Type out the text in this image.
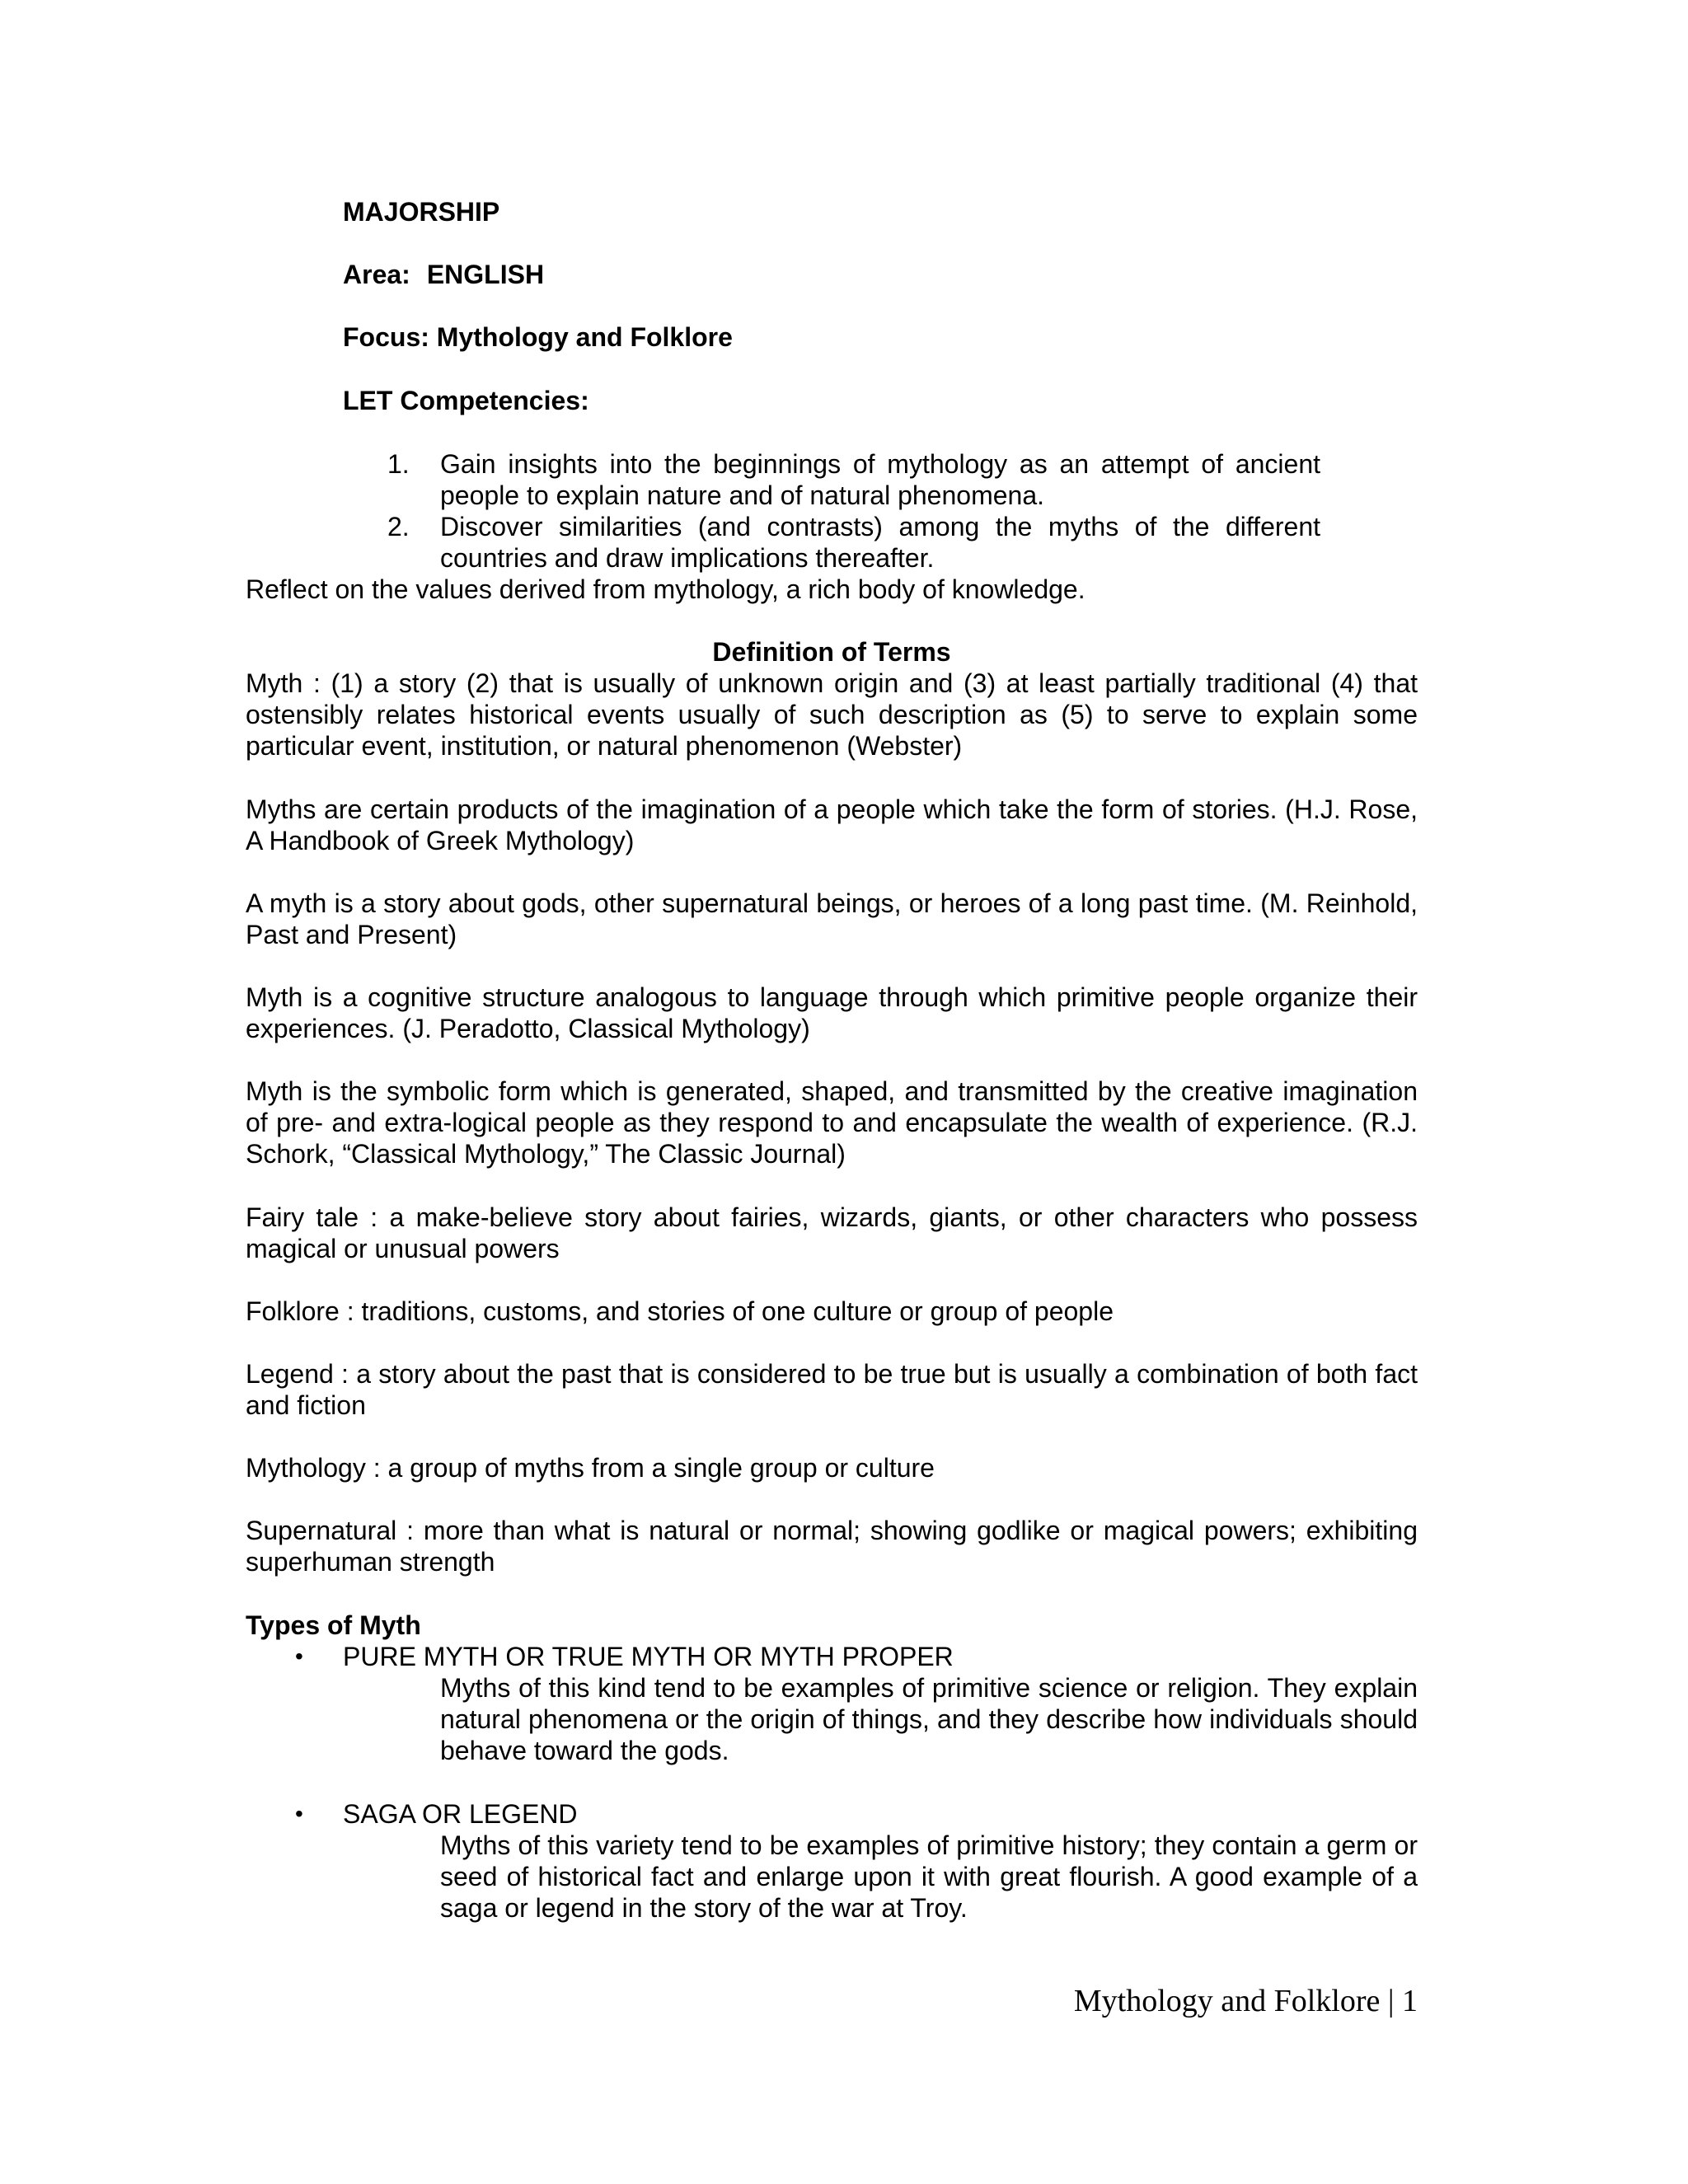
MAJORSHIP
Area: ENGLISH
Focus: Mythology and Folklore
LET Competencies:
1.	Gain insights into the beginnings of mythology as an attempt of ancient people to explain nature and of natural phenomena.
2.	Discover similarities (and contrasts) among the myths of the different countries and draw implications thereafter.
Reflect on the values derived from mythology, a rich body of knowledge.
Definition of Terms
Myth : (1) a story (2) that is usually of unknown origin and (3) at least partially traditional (4) that ostensibly relates historical events usually of such description as (5) to serve to explain some particular event, institution, or natural phenomenon (Webster)
Myths are certain products of the imagination of a people which take the form of stories. (H.J. Rose, A Handbook of Greek Mythology)
A myth is a story about gods, other supernatural beings, or heroes of a long past time. (M. Reinhold, Past and Present)
Myth is a cognitive structure analogous to language through which primitive people organize their experiences. (J. Peradotto, Classical Mythology)
Myth is the symbolic form which is generated, shaped, and transmitted by the creative imagination of pre- and extra-logical people as they respond to and encapsulate the wealth of experience. (R.J. Schork, “Classical Mythology,” The Classic Journal)
Fairy tale : a make-believe story about fairies, wizards, giants, or other characters who possess magical or unusual powers
Folklore : traditions, customs, and stories of one culture or group of people
Legend : a story about the past that is considered to be true but is usually a combination of both fact and fiction
Mythology : a group of myths from a single group or culture
Supernatural : more than what is natural or normal; showing godlike or magical powers; exhibiting superhuman strength
Types of Myth
•	PURE MYTH OR TRUE MYTH OR MYTH PROPER
Myths of this kind tend to be examples of primitive science or religion. They explain natural phenomena or the origin of things, and they describe how individuals should behave toward the gods.
•	SAGA OR LEGEND
Myths of this variety tend to be examples of primitive history; they contain a germ or seed of historical fact and enlarge upon it with great flourish. A good example of a saga or legend in the story of the war at Troy.
Mythology and Folklore | 1
